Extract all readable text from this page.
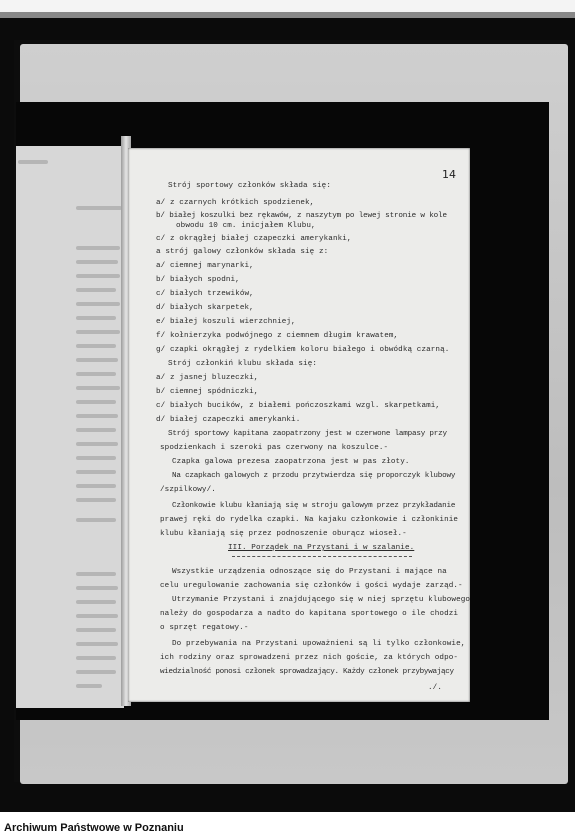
14
Strój sportowy członków składa się:
a/ z czarnych krótkich spodzienek,
b/ białej koszulki bez rękawów, z naszytym po lewej stronie w kole
obwodu 10 cm. inicjałem Klubu,
c/ z okrągłej białej czapeczki amerykanki,
a strój galowy członków składa się z:
a/ ciemnej marynarki,
b/ białych spodni,
c/ białych trzewików,
d/ białych skarpetek,
e/ białej koszuli wierzchniej,
f/ kołnierzyka podwójnego z ciemnem długim krawatem,
g/ czapki okrągłej z rydelkiem koloru białego i obwódką czarną.
Strój członkiń klubu składa się:
a/ z jasnej bluzeczki,
b/ ciemnej spódniczki,
c/ białych bucików, z białemi pończoszkami wzgl. skarpetkami,
d/ białej czapeczki amerykanki.
Strój sportowy kapitana zaopatrzony jest w czerwone lampasy przy
spodzienkach i szeroki pas czerwony na koszulce.-
Czapka galowa prezesa zaopatrzona jest w pas złoty.
Na czapkach galowych z przodu przytwierdza się proporczyk klubowy
/szpilkowy/.
Członkowie klubu kłaniają się w stroju galowym przez przykładanie
prawej ręki do rydelka czapki. Na kajaku członkowie i członkinie
klubu kłaniają się przez podnoszenie oburącz wioseł.-
III. Porządek na Przystani i w szalanie.
Wszystkie urządzenia odnoszące się do Przystani i mające na
celu uregulowanie zachowania się członków i gości wydaje zarząd.-
Utrzymanie Przystani i znajdującego się w niej sprzętu klubowego
należy do gospodarza a nadto do kapitana sportowego o ile chodzi
o sprzęt regatowy.-
Do przebywania na Przystani upoważnieni są li tylko członkowie,
ich rodziny oraz sprowadzeni przez nich goście, za których odpo-
wiedzialność ponosi członek sprowadzający. Każdy członek przybywający
./.
Archiwum Państwowe w Poznaniu
